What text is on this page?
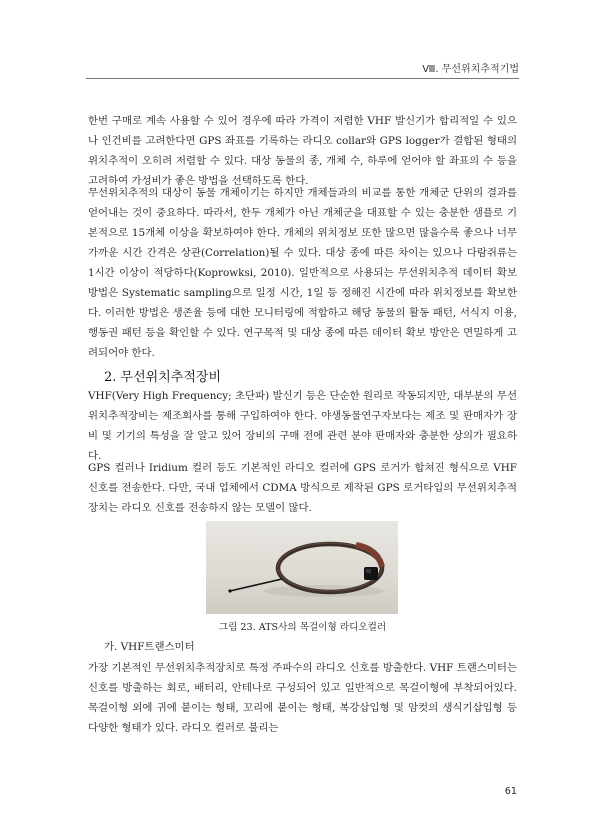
Ⅷ. 무선위치추적기법

한번 구매로 계속 사용할 수 있어 경우에 따라 가격이 저렴한 VHF 발신기가 합리적일 수 있으나 인건비를 고려한다면 GPS 좌표를 기록하는 라디오 collar와 GPS logger가 결합된 형태의 위치추적이 오히려 저렴할 수 있다. 대상 동물의 종, 개체 수, 하루에 얻어야 할 좌표의 수 등을 고려하여 가성비가 좋은 방법을 선택하도록 한다.

무선위치추적의 대상이 동물 개체이기는 하지만 개체들과의 비교를 통한 개체군 단위의 결과를 얻어내는 것이 중요하다. 따라서, 한두 개체가 아닌 개체군을 대표할 수 있는 충분한 샘플로 기본적으로 15개체 이상을 확보하여야 한다. 개체의 위치정보 또한 많으면 많을수록 좋으나 너무 가까운 시간 간격은 상관(Correlation)될 수 있다. 대상 종에 따른 차이는 있으나 다람쥐류는 1시간 이상이 적당하다(Koprowksi, 2010). 일반적으로 사용되는 무선위치추적 데이터 확보 방법은 Systematic sampling으로 일정 시간, 1일 등 정해진 시간에 따라 위치정보를 확보한다. 이러한 방법은 생존율 등에 대한 모니터링에 적합하고 해당 동물의 활동 패턴, 서식지 이용, 행동권 패턴 등을 확인할 수 있다. 연구목적 및 대상 종에 따른 데이터 확보 방안은 면밀하게 고려되어야 한다.

2. 무선위치추적장비

VHF(Very High Frequency; 초단파) 발신기 등은 단순한 원리로 작동되지만, 대부분의 무선위치추적장비는 제조회사를 통해 구입하여야 한다. 야생동물연구자보다는 제조 및 판매자가 장비 및 기기의 특성을 잘 알고 있어 장비의 구매 전에 관련 분야 판매자와 충분한 상의가 필요하다.

GPS 컬러나 Iridium 컬러 등도 기본적인 라디오 컬러에 GPS 로거가 합쳐진 형식으로 VHF 신호를 전송한다. 다만, 국내 업체에서 CDMA 방식으로 제작된 GPS 로거타입의 무선위치추적장치는 라디오 신호를 전송하지 않는 모델이 많다.

그림 23. ATS사의 목걸이형 라디오컬러

가. VHF트랜스미터

가장 기본적인 무선위치추적장치로 특정 주파수의 라디오 신호를 방출한다. VHF 트랜스미터는 신호를 방출하는 회로, 배터리, 안테나로 구성되어 있고 일반적으로 목걸이형에 부착되어있다. 목걸이형 외에 귀에 붙이는 형태, 꼬리에 붙이는 형태, 복강삽입형 및 암컷의 생식기삽입형 등 다양한 형태가 있다. 라디오 컬러로 불리는

61
